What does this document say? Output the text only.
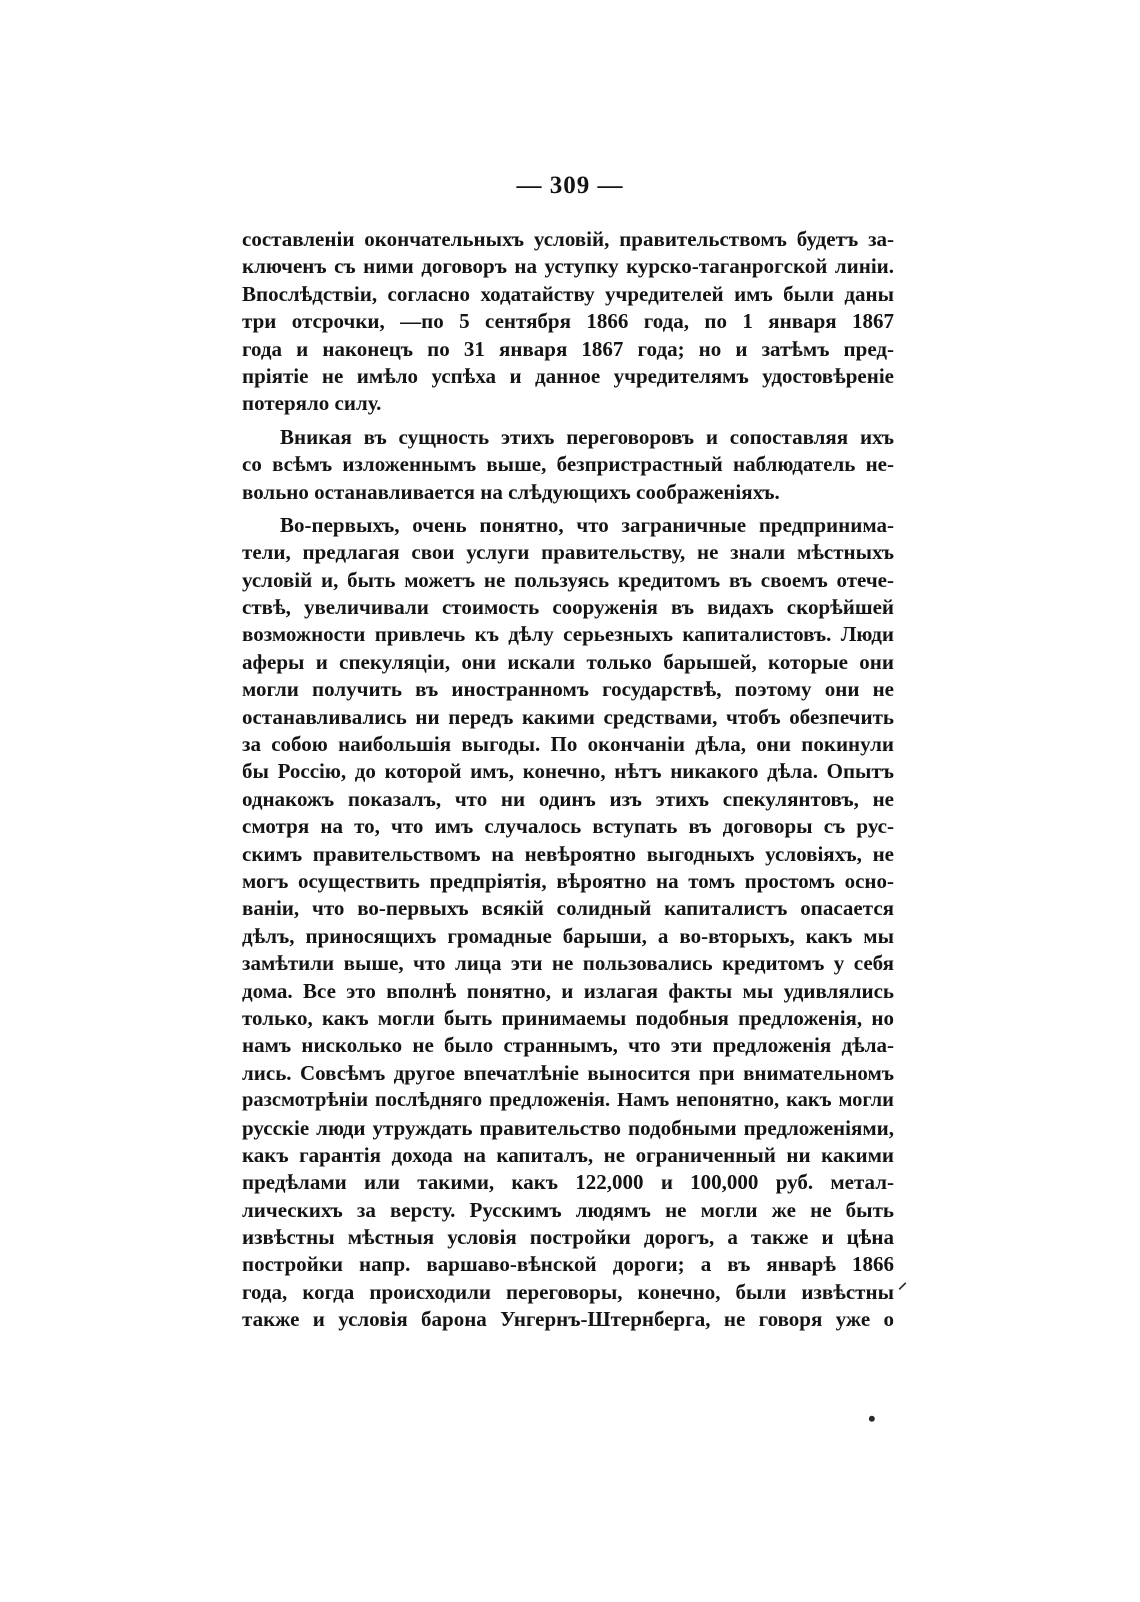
— 309 —
составленіи окончательныхъ условій, правительствомъ будетъ за-
ключенъ съ ними договоръ на уступку курско-таганрогской линіи.
Впослѣдствіи, согласно ходатайству учредителей имъ были даны
три отсрочки, —по 5 сентября 1866 года, по 1 января 1867
года и наконецъ по 31 января 1867 года; но и затѣмъ пред-
пріятіе не имѣло успѣха и данное учредителямъ удостовѣреніе
потеряло силу.
Вникая въ сущность этихъ переговоровъ и сопоставляя ихъ
со всѣмъ изложеннымъ выше, безпристрастный наблюдатель не-
вольно останавливается на слѣдующихъ соображеніяхъ.
Во-первыхъ, очень понятно, что заграничные предпринима-
тели, предлагая свои услуги правительству, не знали мѣстныхъ
условій и, быть можетъ не пользуясь кредитомъ въ своемъ отече-
ствѣ, увеличивали стоимость сооруженія въ видахъ скорѣйшей
возможности привлечь къ дѣлу серьезныхъ капиталистовъ. Люди
аферы и спекуляціи, они искали только барышей, которые они
могли получить въ иностранномъ государствѣ, поэтому они не
останавливались ни передъ какими средствами, чтобъ обезпечить
за собою наибольшія выгоды. По окончаніи дѣла, они покинули
бы Россію, до которой имъ, конечно, нѣтъ никакого дѣла. Опытъ
однакожъ показалъ, что ни одинъ изъ этихъ спекулянтовъ, не
смотря на то, что имъ случалось вступать въ договоры съ рус-
скимъ правительствомъ на невѣроятно выгодныхъ условіяхъ, не
могъ осуществить предпріятія, вѣроятно на томъ простомъ осно-
ваніи, что во-первыхъ всякій солидный капиталистъ опасается
дѣлъ, приносящихъ громадные барыши, а во-вторыхъ, какъ мы
замѣтили выше, что лица эти не пользовались кредитомъ у себя
дома. Все это вполнѣ понятно, и излагая факты мы удивлялись
только, какъ могли быть принимаемы подобныя предложенія, но
намъ нисколько не было страннымъ, что эти предложенія дѣла-
лись. Совсѣмъ другое впечатлѣніе выносится при внимательномъ
разсмотрѣніи послѣдняго предложенія. Намъ непонятно, какъ могли
русскіе люди утруждать правительство подобными предложеніями,
какъ гарантія дохода на капиталъ, не ограниченный ни какими
предѣлами или такими, какъ 122,000 и 100,000 руб. метал-
лическихъ за версту. Русскимъ людямъ не могли же не быть
извѣстны мѣстныя условія постройки дорогъ, а также и цѣна
постройки напр. варшаво-вѣнской дороги; а въ январѣ 1866
года, когда происходили переговоры, конечно, были извѣстны
также и условія барона Унгернъ-Штернберга, не говоря уже о
⸝
•
